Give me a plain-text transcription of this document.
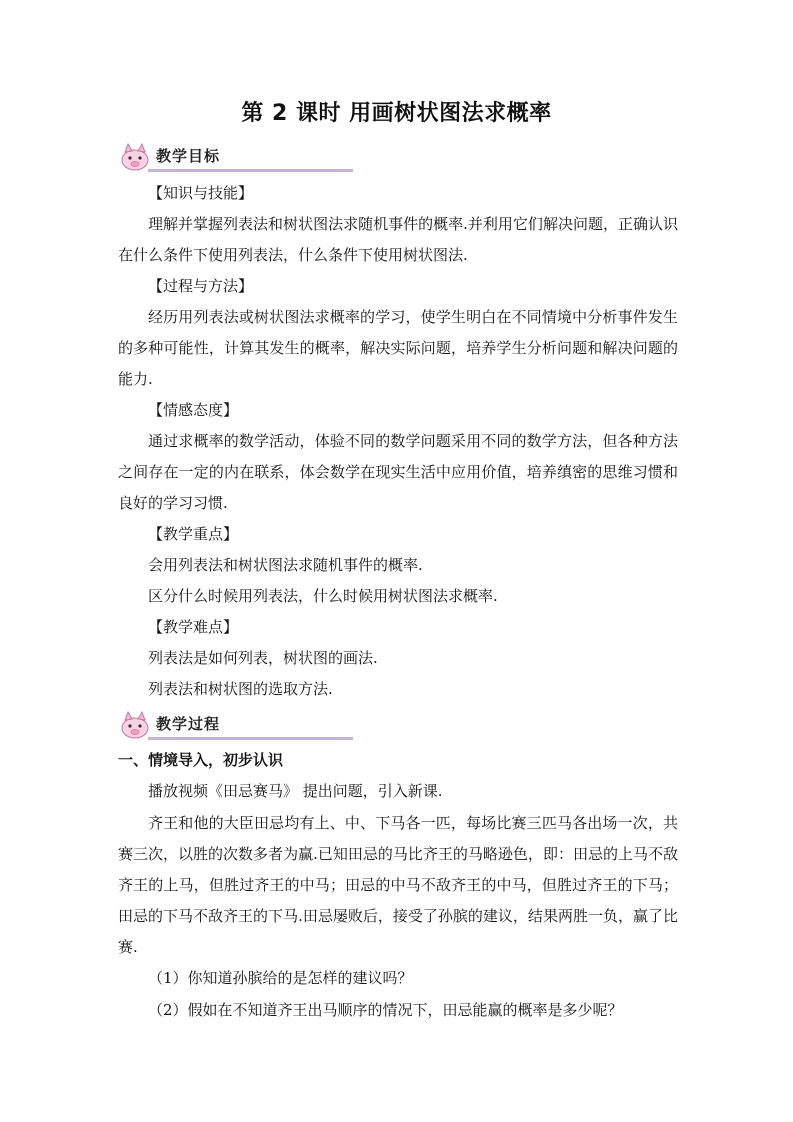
第 2 课时 用画树状图法求概率
教学目标
【知识与技能】
理解并掌握列表法和树状图法求随机事件的概率.并利用它们解决问题，正确认识在什么条件下使用列表法，什么条件下使用树状图法.
【过程与方法】
经历用列表法或树状图法求概率的学习，使学生明白在不同情境中分析事件发生的多种可能性，计算其发生的概率，解决实际问题，培养学生分析问题和解决问题的能力.
【情感态度】
通过求概率的数学活动，体验不同的数学问题采用不同的数学方法，但各种方法之间存在一定的内在联系，体会数学在现实生活中应用价值，培养缜密的思维习惯和良好的学习习惯.
【教学重点】
会用列表法和树状图法求随机事件的概率.
区分什么时候用列表法，什么时候用树状图法求概率.
【教学难点】
列表法是如何列表，树状图的画法.
列表法和树状图的选取方法.
教学过程
一、情境导入，初步认识
播放视频《田忌赛马》 提出问题，引入新课.
齐王和他的大臣田忌均有上、中、下马各一匹，每场比赛三匹马各出场一次，共赛三次，以胜的次数多者为赢.已知田忌的马比齐王的马略逊色，即：田忌的上马不敌齐王的上马，但胜过齐王的中马；田忌的中马不敌齐王的中马，但胜过齐王的下马；田忌的下马不敌齐王的下马.田忌屡败后，接受了孙膑的建议，结果两胜一负，赢了比赛.
（1）你知道孙膑给的是怎样的建议吗？
（2）假如在不知道齐王出马顺序的情况下，田忌能赢的概率是多少呢？
